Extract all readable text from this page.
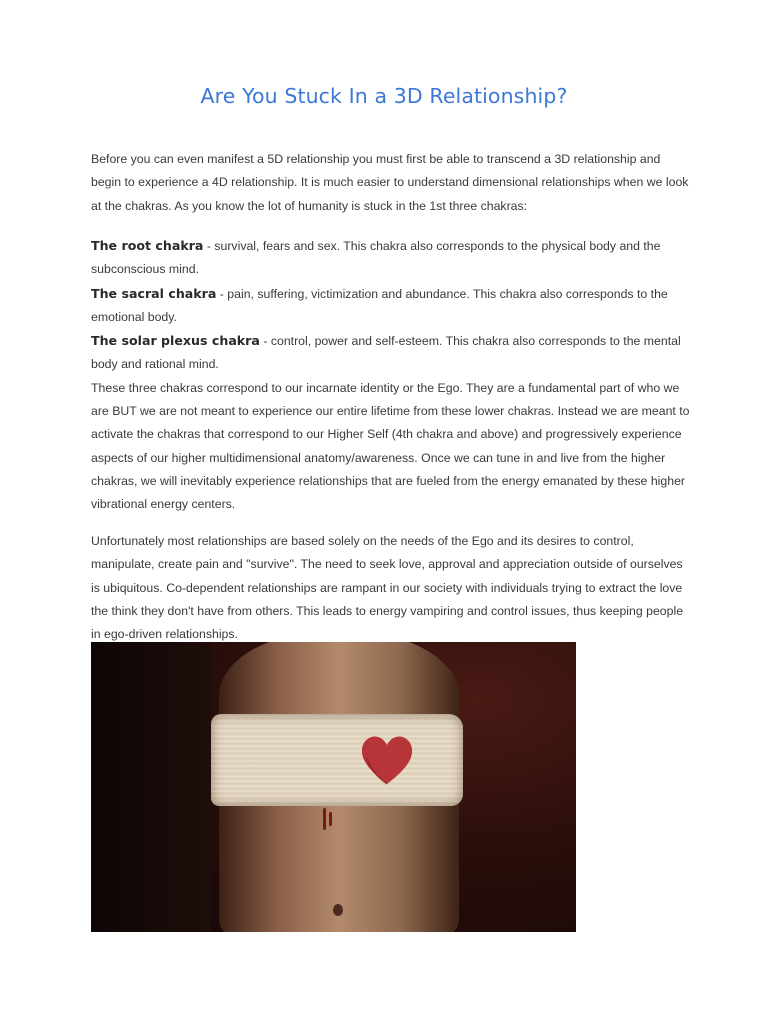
Are You Stuck In a 3D Relationship?

Before you can even manifest a 5D relationship you must first be able to transcend a 3D relationship and begin to experience a 4D relationship. It is much easier to understand dimensional relationships when we look at the chakras. As you know the lot of humanity is stuck in the 1st three chakras:

The root chakra - survival, fears and sex. This chakra also corresponds to the physical body and the subconscious mind.
The sacral chakra - pain, suffering, victimization and abundance. This chakra also corresponds to the emotional body.
The solar plexus chakra - control, power and self-esteem. This chakra also corresponds to the mental body and rational mind.
These three chakras correspond to our incarnate identity or the Ego. They are a fundamental part of who we are BUT we are not meant to experience our entire lifetime from these lower chakras. Instead we are meant to activate the chakras that correspond to our Higher Self (4th chakra and above) and progressively experience aspects of our higher multidimensional anatomy/awareness. Once we can tune in and live from the higher chakras, we will inevitably experience relationships that are fueled from the energy emanated by these higher vibrational energy centers.

Unfortunately most relationships are based solely on the needs of the Ego and its desires to control, manipulate, create pain and "survive". The need to seek love, approval and appreciation outside of ourselves is ubiquitous. Co-dependent relationships are rampant in our society with individuals trying to extract the love the think they don't have from others. This leads to energy vampiring and control issues, thus keeping people in ego-driven relationships.
